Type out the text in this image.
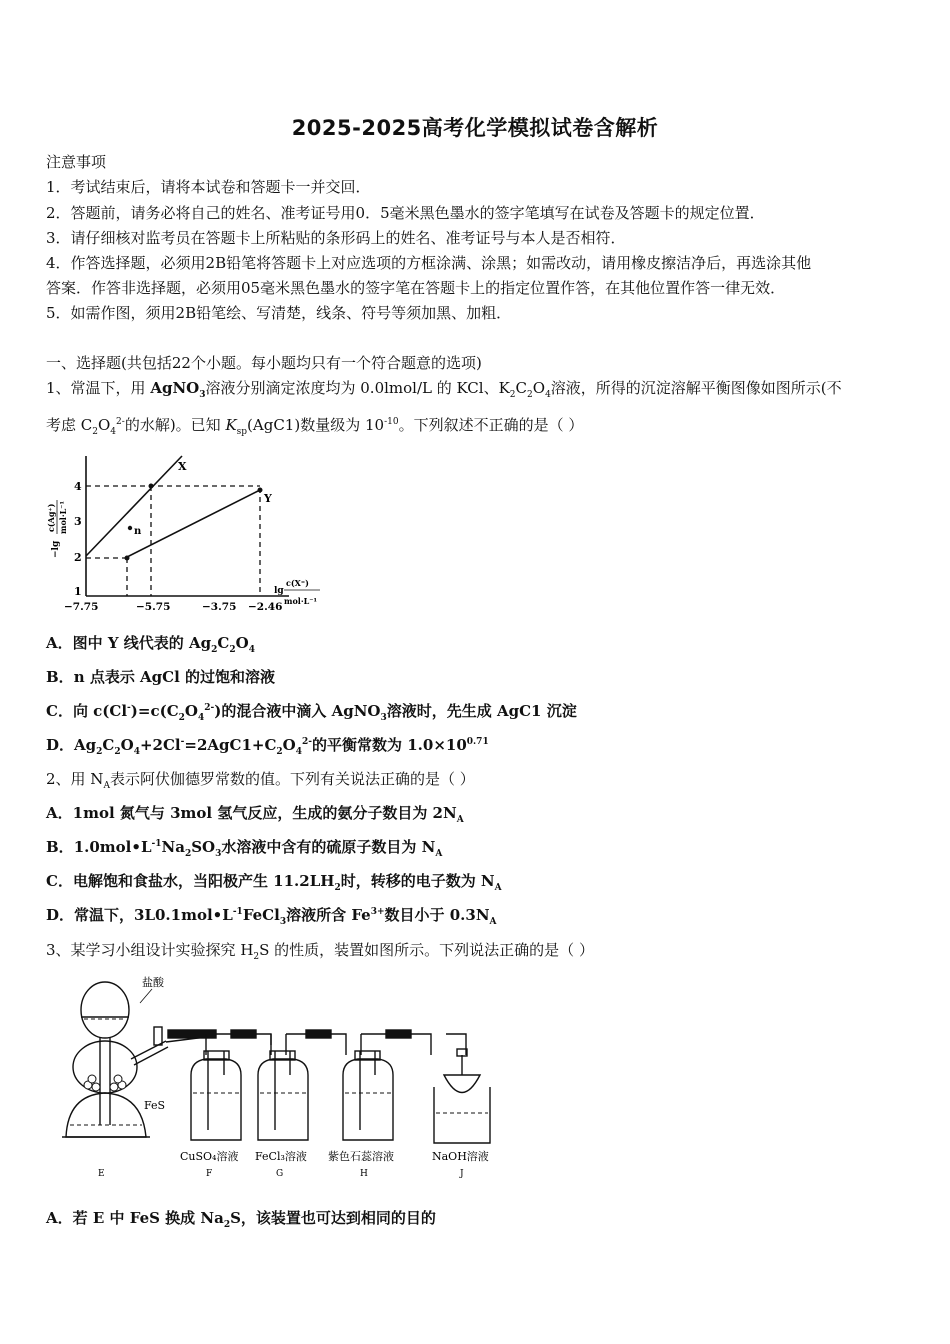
2025-2025高考化学模拟试卷含解析
注意事项
1．考试结束后，请将本试卷和答题卡一并交回．
2．答题前，请务必将自己的姓名、准考证号用0．5毫米黑色墨水的签字笔填写在试卷及答题卡的规定位置．
3．请仔细核对监考员在答题卡上所粘贴的条形码上的姓名、准考证号与本人是否相符．
4．作答选择题，必须用2B铅笔将答题卡上对应选项的方框涂满、涂黑；如需改动，请用橡皮擦洁净后，再选涂其他
答案．作答非选择题，必须用05毫米黑色墨水的签字笔在答题卡上的指定位置作答，在其他位置作答一律无效．
5．如需作图，须用2B铅笔绘、写清楚，线条、符号等须加黑、加粗．
一、选择题(共包括22个小题。每小题均只有一个符合题意的选项)
1、常温下，用 AgNO$_3$溶液分别滴定浓度均为 0.0lmol/L 的 KCl、$K_2C_2O_4$溶液，所得的沉淀溶解平衡图像如图所示(不
考虑 $C_2O_4^{2-}$的水解)。已知 $K_{sp}(AgC1)$数量级为 $10^{-10}$。下列叙述不正确的是（ ）
n
X
Y
4
3
2
1
−lg
c(Ag⁺) mol·L⁻¹
−7.75	−5.75	−3.75 −2.46
lg
c(X⁼)
mol·L⁻¹
A．图中 Y 线代表的 $Ag_2C_2O_4$
B．n 点表示 AgCl 的过饱和溶液
C．向 $c(Cl^-)=c(C_2O_4^{2-})$的混合液中滴入 AgNO$_3$溶液时，先生成 AgC1 沉淀
D．$Ag_2C_2O_4+2Cl^-=2AgC1+C_2O_4^{2-}$的平衡常数为 $1.0\times 10^{0.71}$
2、用 $N_A$表示阿伏伽德罗常数的值。下列有关说法正确的是（ ）
A．1mol 氮气与 3mol 氢气反应，生成的氨分子数目为 $2N_A$
B．$1.0mol•L^{-1}Na_2SO_3$水溶液中含有的硫原子数目为 $N_A$
C．电解饱和食盐水，当阳极产生 $11.2LH_2$时，转移的电子数为 $N_A$
D．常温下，$3L0.1mol•L^{-1}FeCl_3$溶液所含 $Fe^{3+}$数目小于 $0.3N_A$
3、某学习小组设计实验探究 $H_2S$ 的性质，装置如图所示。下列说法正确的是（ ）
盐酸
FeS
CuSO₄溶液 FeCl₃溶液 紫色石蕊溶液	NaOH溶液
E	F	G	H	J
A．若 E 中 FeS 换成 $Na_2S$，该装置也可达到相同的目的
